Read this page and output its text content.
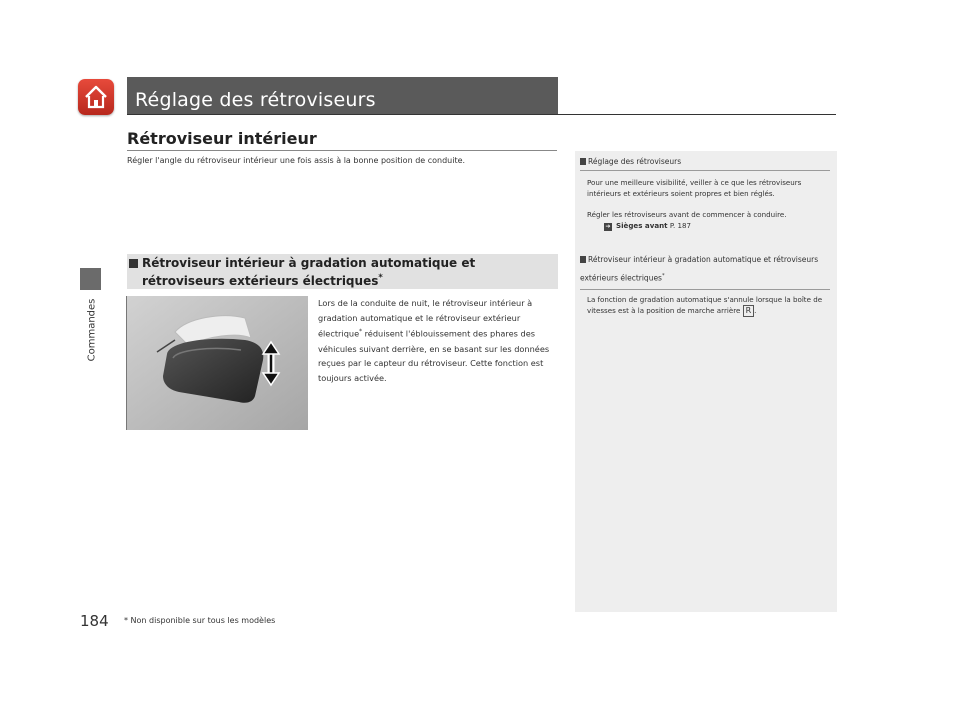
Réglage des rétroviseurs
Commandes
Rétroviseur intérieur
Régler l'angle du rétroviseur intérieur une fois assis à la bonne position de conduite.
Rétroviseur intérieur à gradation automatique et rétroviseurs extérieurs électriques*
Lors de la conduite de nuit, le rétroviseur intérieur à gradation automatique et le rétroviseur extérieur électrique* réduisent l'éblouissement des phares des véhicules suivant derrière, en se basant sur les données reçues par le capteur du rétroviseur. Cette fonction est toujours activée.
Réglage des rétroviseurs
Pour une meilleure visibilité, veiller à ce que les rétroviseurs intérieurs et extérieurs soient propres et bien réglés.
Régler les rétroviseurs avant de commencer à conduire.
➔ Sièges avant P. 187
Rétroviseur intérieur à gradation automatique et rétroviseurs extérieurs électriques*
La fonction de gradation automatique s'annule lorsque la boîte de vitesses est à la position de marche arrière R .
184 * Non disponible sur tous les modèles
